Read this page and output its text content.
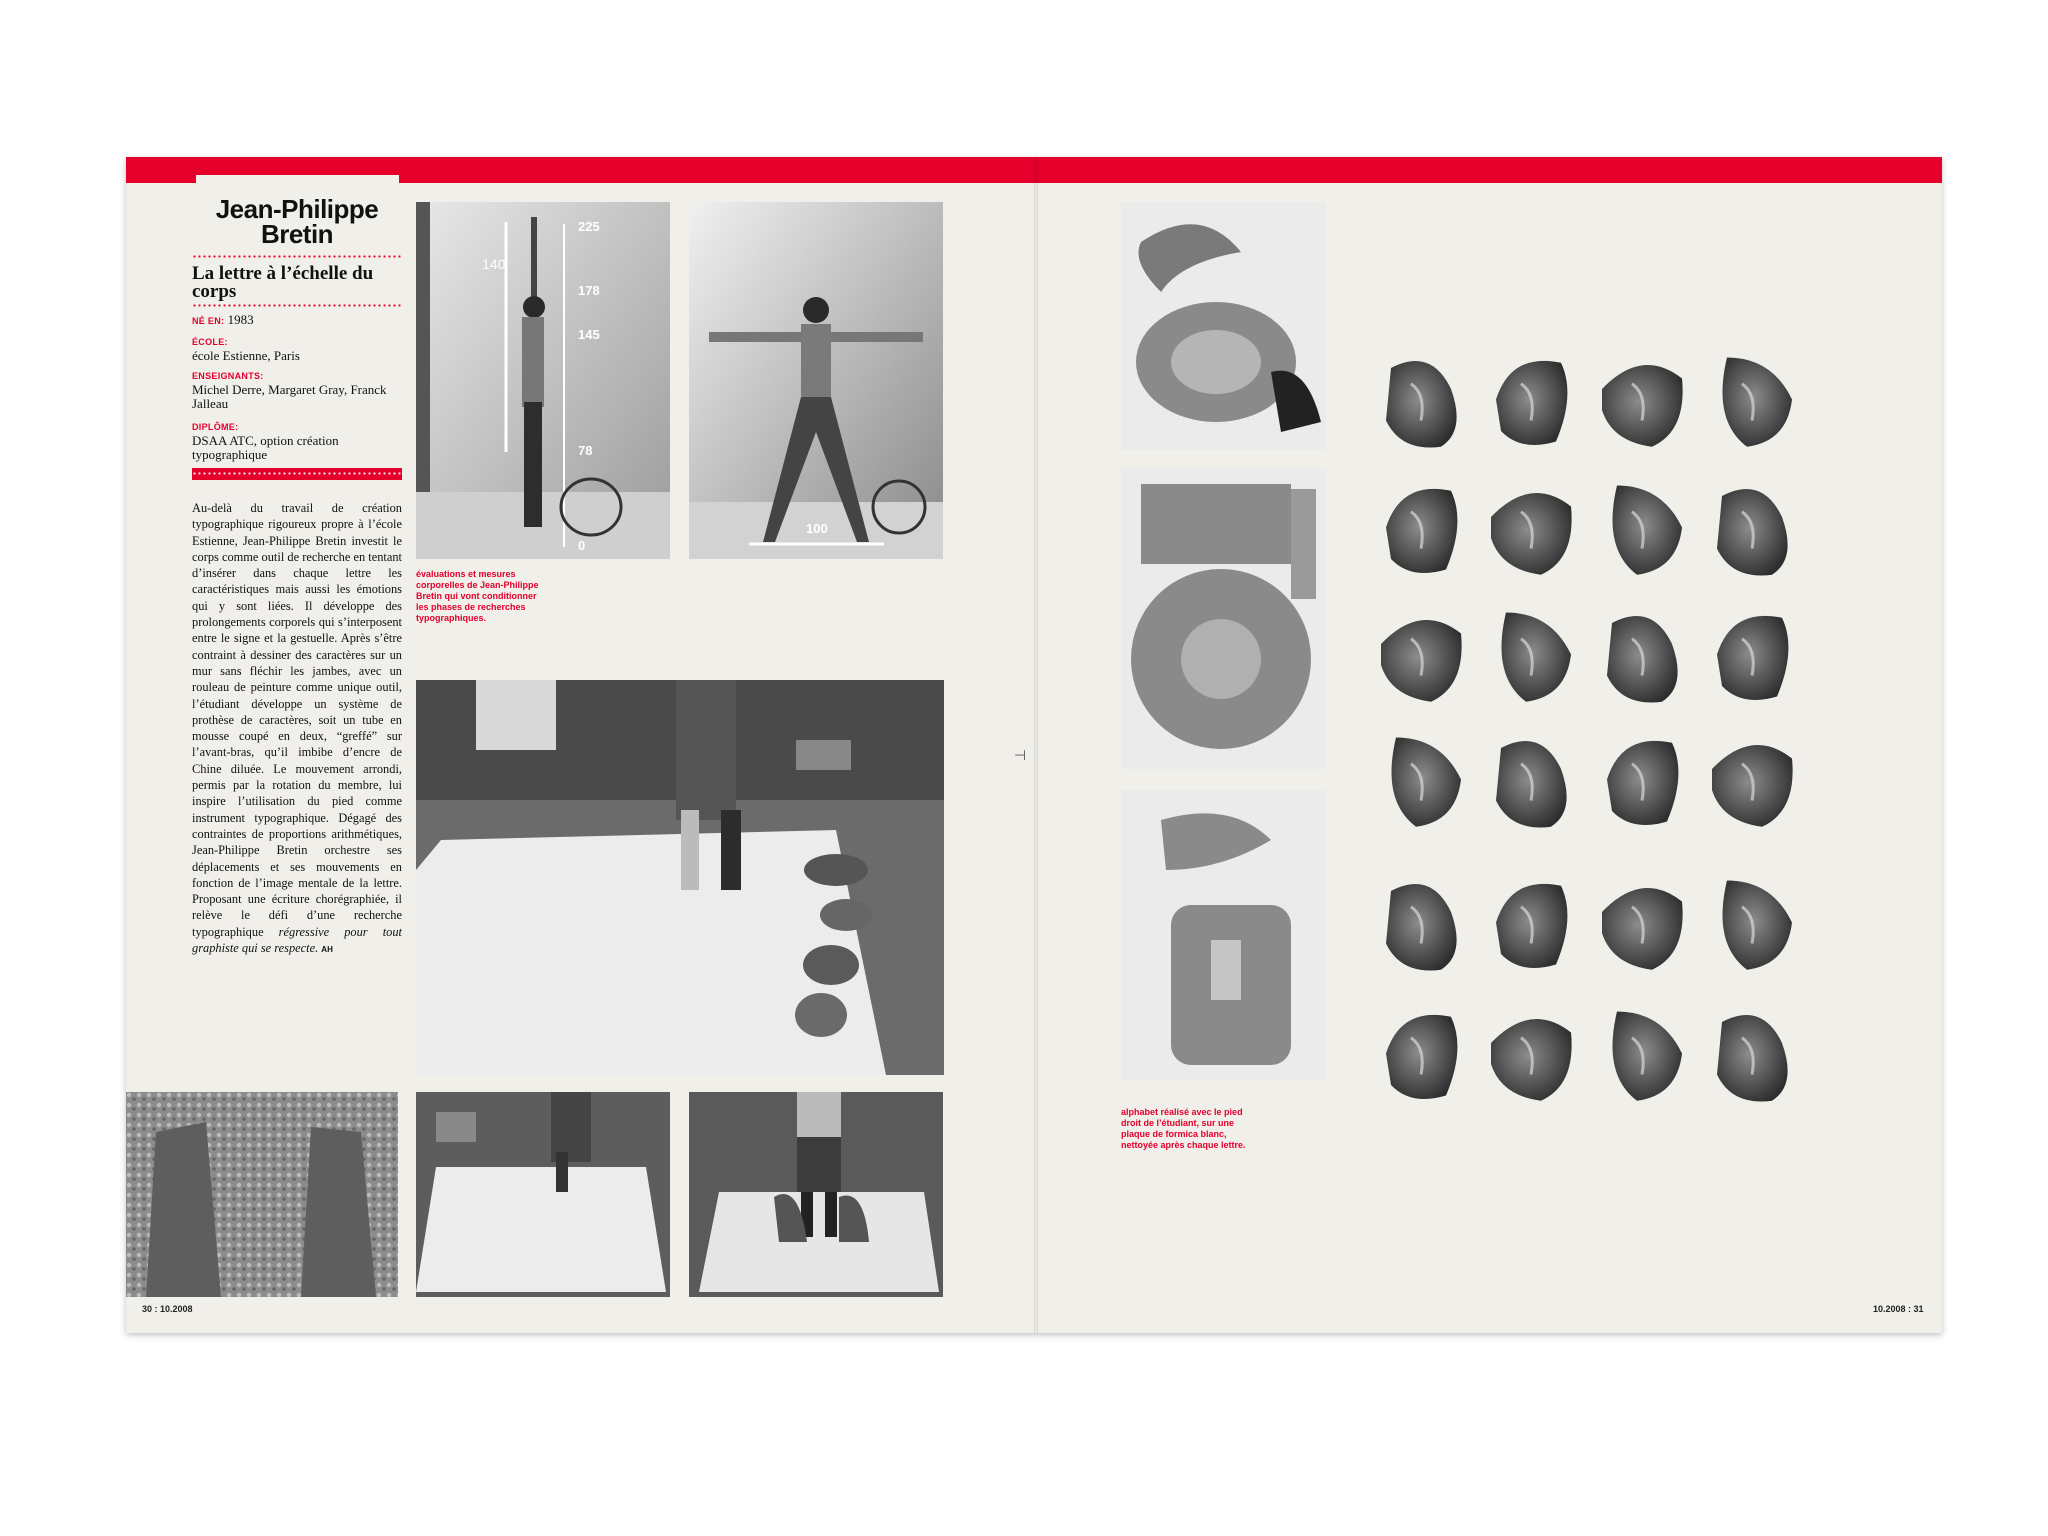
Jean-Philippe Bretin
La lettre à l’échelle du corps
NÉ EN: 1983
ÉCOLE:
école Estienne, Paris
ENSEIGNANTS:
Michel Derre, Margaret Gray, Franck Jalleau
DIPLÔME:
DSAA ATC, option création typographique

Au-delà du travail de création typographique rigoureux propre à l’école Estienne, Jean-Philippe Bretin investit le corps comme outil de recherche en tentant d’insérer dans chaque lettre les caractéristiques mais aussi les émotions qui y sont liées. Il développe des prolongements corporels qui s’interposent entre le signe et la gestuelle. Après s’être contraint à dessiner des caractères sur un mur sans fléchir les jambes, avec un rouleau de peinture comme unique outil, l’étudiant développe un système de prothèse de caractères, soit un tube en mousse coupé en deux, “greffé” sur l’avant-bras, qu’il imbibe d’encre de Chine diluée. Le mouvement arrondi, permis par la rotation du membre, lui inspire l’utilisation du pied comme instrument typographique. Dégagé des contraintes de proportions arithmétiques, Jean-Philippe Bretin orchestre ses déplacements et ses mouvements en fonction de l’image mentale de la lettre. Proposant une écriture chorégraphiée, il relève le défi d’une recherche typographique régressive pour tout graphiste qui se respecte. AH

140
225
178
145
78
0
100
évaluations et mesures corporelles de Jean-Philippe Bretin qui vont conditionner les phases de recherches typographiques.
30 : 10.2008
⊣
alphabet réalisé avec le pied droit de l’étudiant, sur une plaque de formica blanc, nettoyée après chaque lettre.
10.2008 : 31
